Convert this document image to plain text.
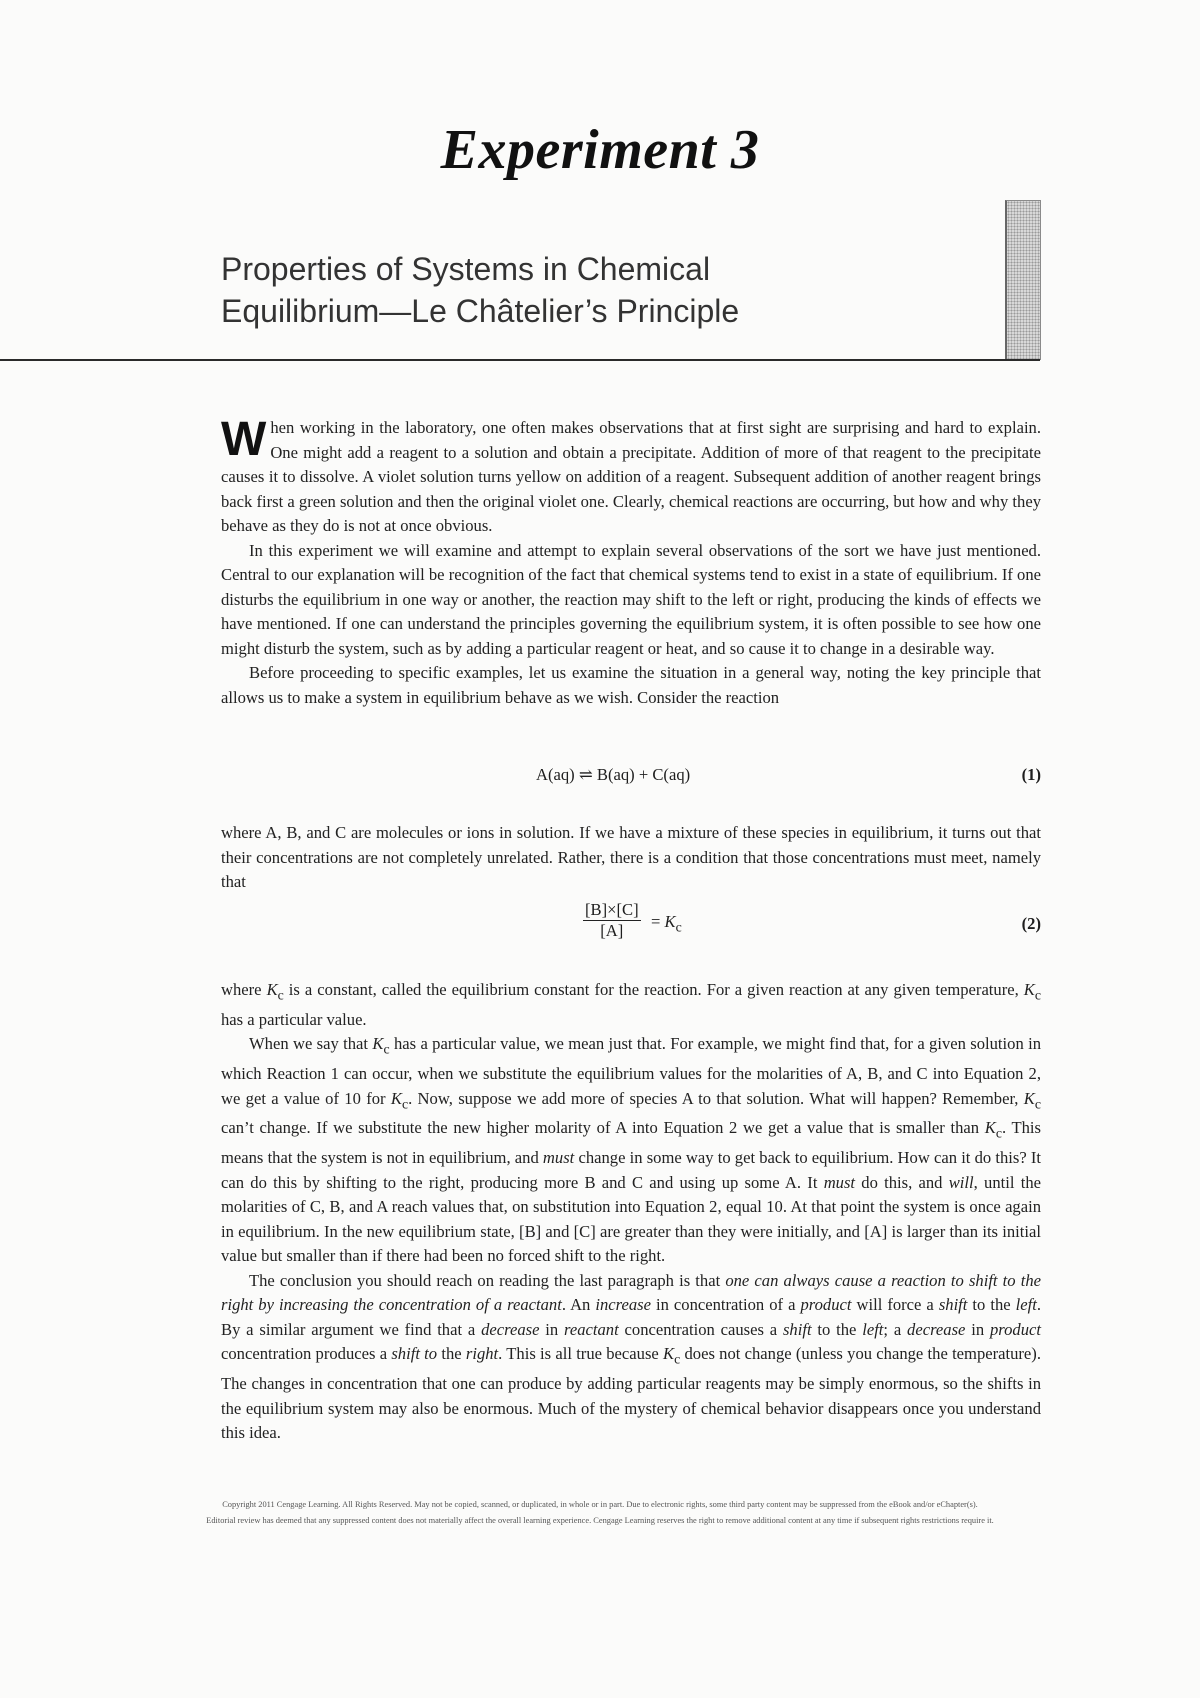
Experiment 3
Properties of Systems in Chemical
Equilibrium—Le Châtelier’s Principle

When working in the laboratory, one often makes observations that at first sight are surprising and hard to explain. One might add a reagent to a solution and obtain a precipitate. Addition of more of that reagent to the precipitate causes it to dissolve. A violet solution turns yellow on addition of a reagent. Subsequent addition of another reagent brings back first a green solution and then the original violet one. Clearly, chemical reactions are occurring, but how and why they behave as they do is not at once obvious.

In this experiment we will examine and attempt to explain several observations of the sort we have just mentioned. Central to our explanation will be recognition of the fact that chemical systems tend to exist in a state of equilibrium. If one disturbs the equilibrium in one way or another, the reaction may shift to the left or right, producing the kinds of effects we have mentioned. If one can understand the principles governing the equilibrium system, it is often possible to see how one might disturb the system, such as by adding a particular reagent or heat, and so cause it to change in a desirable way.

Before proceeding to specific examples, let us examine the situation in a general way, noting the key principle that allows us to make a system in equilibrium behave as we wish. Consider the reaction

A(aq) ⇌ B(aq) + C(aq)	(1)

where A, B, and C are molecules or ions in solution. If we have a mixture of these species in equilibrium, it turns out that their concentrations are not completely unrelated. Rather, there is a condition that those concentrations must meet, namely that

$\frac{[B]\times[C]}{[A]} = K_c$	(2)

where $K_c$ is a constant, called the equilibrium constant for the reaction. For a given reaction at any given temperature, $K_c$ has a particular value.

When we say that $K_c$ has a particular value, we mean just that. For example, we might find that, for a given solution in which Reaction 1 can occur, when we substitute the equilibrium values for the molarities of A, B, and C into Equation 2, we get a value of 10 for $K_c$. Now, suppose we add more of species A to that solution. What will happen? Remember, $K_c$ can’t change. If we substitute the new higher molarity of A into Equation 2 we get a value that is smaller than $K_c$. This means that the system is not in equilibrium, and must change in some way to get back to equilibrium. How can it do this? It can do this by shifting to the right, producing more B and C and using up some A. It must do this, and will, until the molarities of C, B, and A reach values that, on substitution into Equation 2, equal 10. At that point the system is once again in equilibrium. In the new equilibrium state, [B] and [C] are greater than they were initially, and [A] is larger than its initial value but smaller than if there had been no forced shift to the right.

The conclusion you should reach on reading the last paragraph is that one can always cause a reaction to shift to the right by increasing the concentration of a reactant. An increase in concentration of a product will force a shift to the left. By a similar argument we find that a decrease in reactant concentration causes a shift to the left; a decrease in product concentration produces a shift to the right. This is all true because $K_c$ does not change (unless you change the temperature). The changes in concentration that one can produce by adding particular reagents may be simply enormous, so the shifts in the equilibrium system may also be enormous. Much of the mystery of chemical behavior disappears once you understand this idea.

Copyright 2011 Cengage Learning. All Rights Reserved. May not be copied, scanned, or duplicated, in whole or in part. Due to electronic rights, some third party content may be suppressed from the eBook and/or eChapter(s).

Editorial review has deemed that any suppressed content does not materially affect the overall learning experience. Cengage Learning reserves the right to remove additional content at any time if subsequent rights restrictions require it.
